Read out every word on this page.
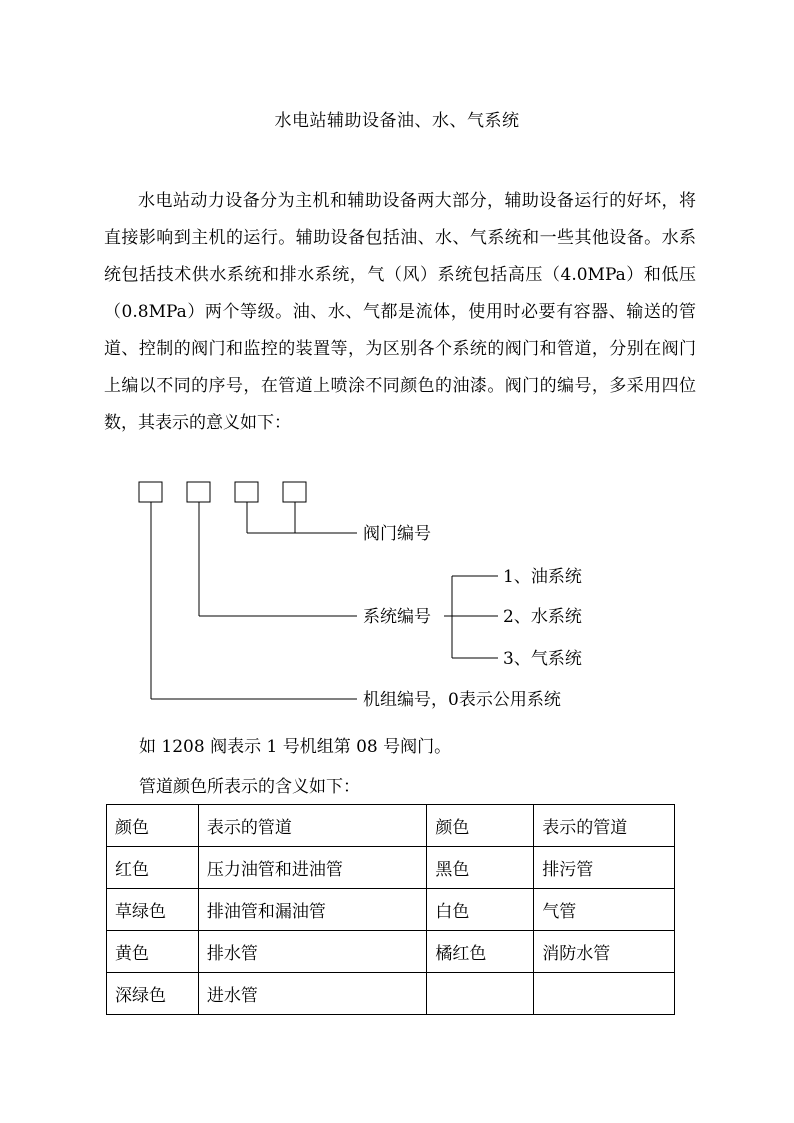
水电站辅助设备油、水、气系统

水电站动力设备分为主机和辅助设备两大部分，辅助设备运行的好坏，将直接影响到主机的运行。辅助设备包括油、水、气系统和一些其他设备。水系统包括技术供水系统和排水系统，气（风）系统包括高压（4.0MPa）和低压（0.8MPa）两个等级。油、水、气都是流体，使用时必要有容器、输送的管道、控制的阀门和监控的装置等，为区别各个系统的阀门和管道，分别在阀门上编以不同的序号，在管道上喷涂不同颜色的油漆。阀门的编号，多采用四位数，其表示的意义如下：

阀门编号
系统编号
1、油系统
2、水系统
3、气系统
机组编号，0表示公用系统

如 1208 阀表示 1 号机组第 08 号阀门。

管道颜色所表示的含义如下：

颜色	表示的管道	颜色	表示的管道
红色	压力油管和进油管	黑色	排污管
草绿色	排油管和漏油管	白色	气管
黄色	排水管	橘红色	消防水管
深绿色	进水管		
